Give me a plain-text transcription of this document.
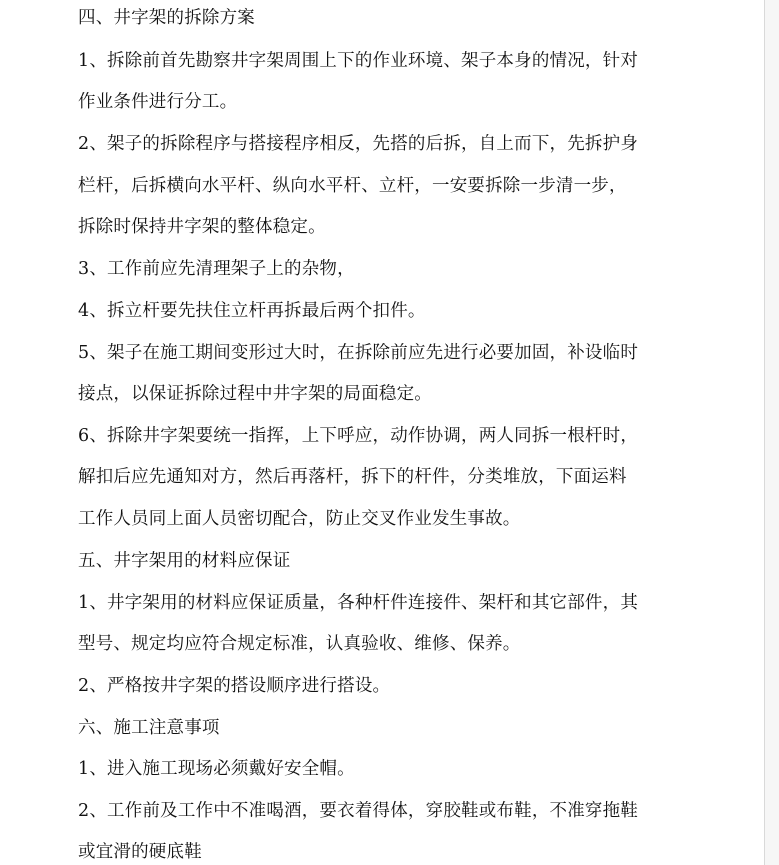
四、井字架的拆除方案

1、拆除前首先勘察井字架周围上下的作业环境、架子本身的情况，针对

作业条件进行分工。

2、架子的拆除程序与搭接程序相反，先搭的后拆，自上而下，先拆护身

栏杆，后拆横向水平杆、纵向水平杆、立杆，一安要拆除一步清一步，

拆除时保持井字架的整体稳定。

3、工作前应先清理架子上的杂物，

4、拆立杆要先扶住立杆再拆最后两个扣件。

5、架子在施工期间变形过大时，在拆除前应先进行必要加固，补设临时

接点，以保证拆除过程中井字架的局面稳定。

6、拆除井字架要统一指挥，上下呼应，动作协调，两人同拆一根杆时，

解扣后应先通知对方，然后再落杆，拆下的杆件，分类堆放，下面运料

工作人员同上面人员密切配合，防止交叉作业发生事故。

五、井字架用的材料应保证

1、井字架用的材料应保证质量，各种杆件连接件、架杆和其它部件，其

型号、规定均应符合规定标准，认真验收、维修、保养。

2、严格按井字架的搭设顺序进行搭设。

六、施工注意事项

1、进入施工现场必须戴好安全帽。

2、工作前及工作中不准喝酒，要衣着得体，穿胶鞋或布鞋，不准穿拖鞋

或宜滑的硬底鞋
